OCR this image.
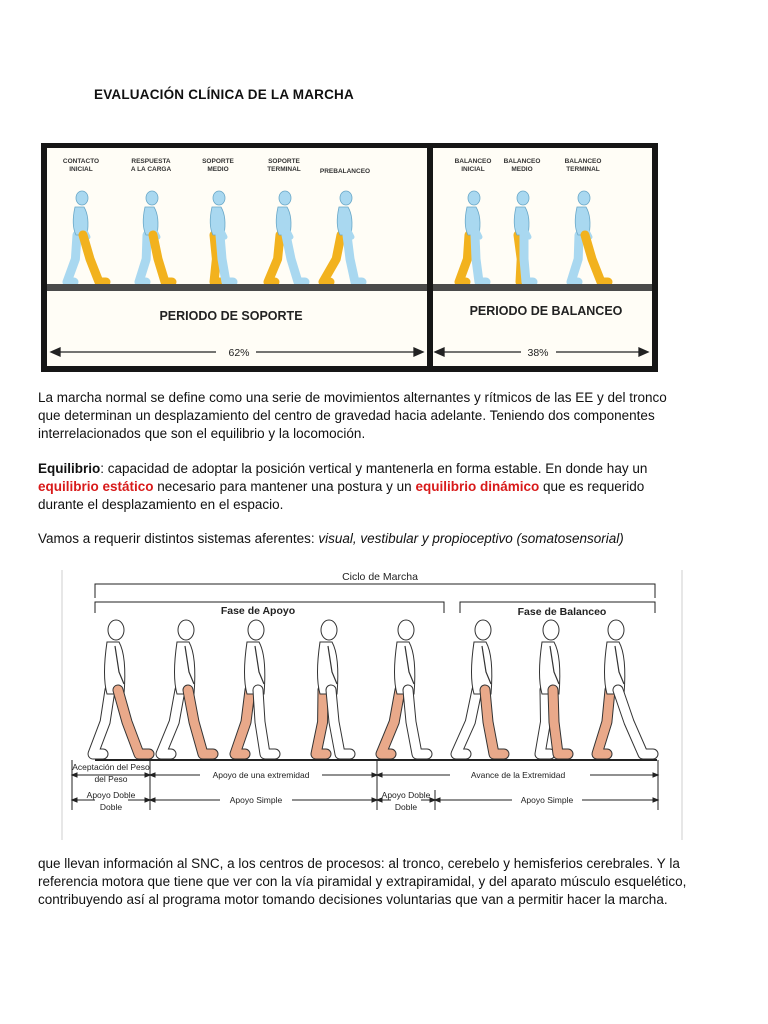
EVALUACIÓN CLÍNICA DE LA MARCHA
CONTACTO
INICIAL
RESPUESTA
A LA CARGA
SOPORTE
MEDIO
SOPORTE
TERMINAL	PREBALANCEO
BALANCEO
INICIAL
BALANCEO
MEDIO
BALANCEO
TERMINAL
PERIODO DE SOPORTE	PERIODO DE BALANCEO
62%	38%

La marcha normal se define como una serie de movimientos alternantes y rítmicos de las EE y del tronco que determinan un desplazamiento del centro de gravedad hacia adelante. Teniendo dos componentes interrelacionados que son el equilibrio y la locomoción.

Equilibrio: capacidad de adoptar la posición vertical y mantenerla en forma estable. En donde hay un equilibrio estático necesario para mantener una postura y un equilibrio dinámico que es requerido durante el desplazamiento en el espacio.

Vamos a requerir distintos sistemas aferentes: visual, vestibular y propioceptivo (somatosensorial)

Ciclo de Marcha
Fase de Apoyo	Fase de Balanceo
Aceptación del Peso
del Peso	Apoyo de una extremidad	Avance de la Extremidad
Apoyo Doble
Doble
Apoyo Simple	Apoyo Doble
Doble
Apoyo Simple

que llevan información al SNC, a los centros de procesos: al tronco, cerebelo y hemisferios cerebrales. Y la referencia motora que tiene que ver con la vía piramidal y extrapiramidal, y del aparato músculo esquelético, contribuyendo así al programa motor tomando decisiones voluntarias que van a permitir hacer la marcha.
